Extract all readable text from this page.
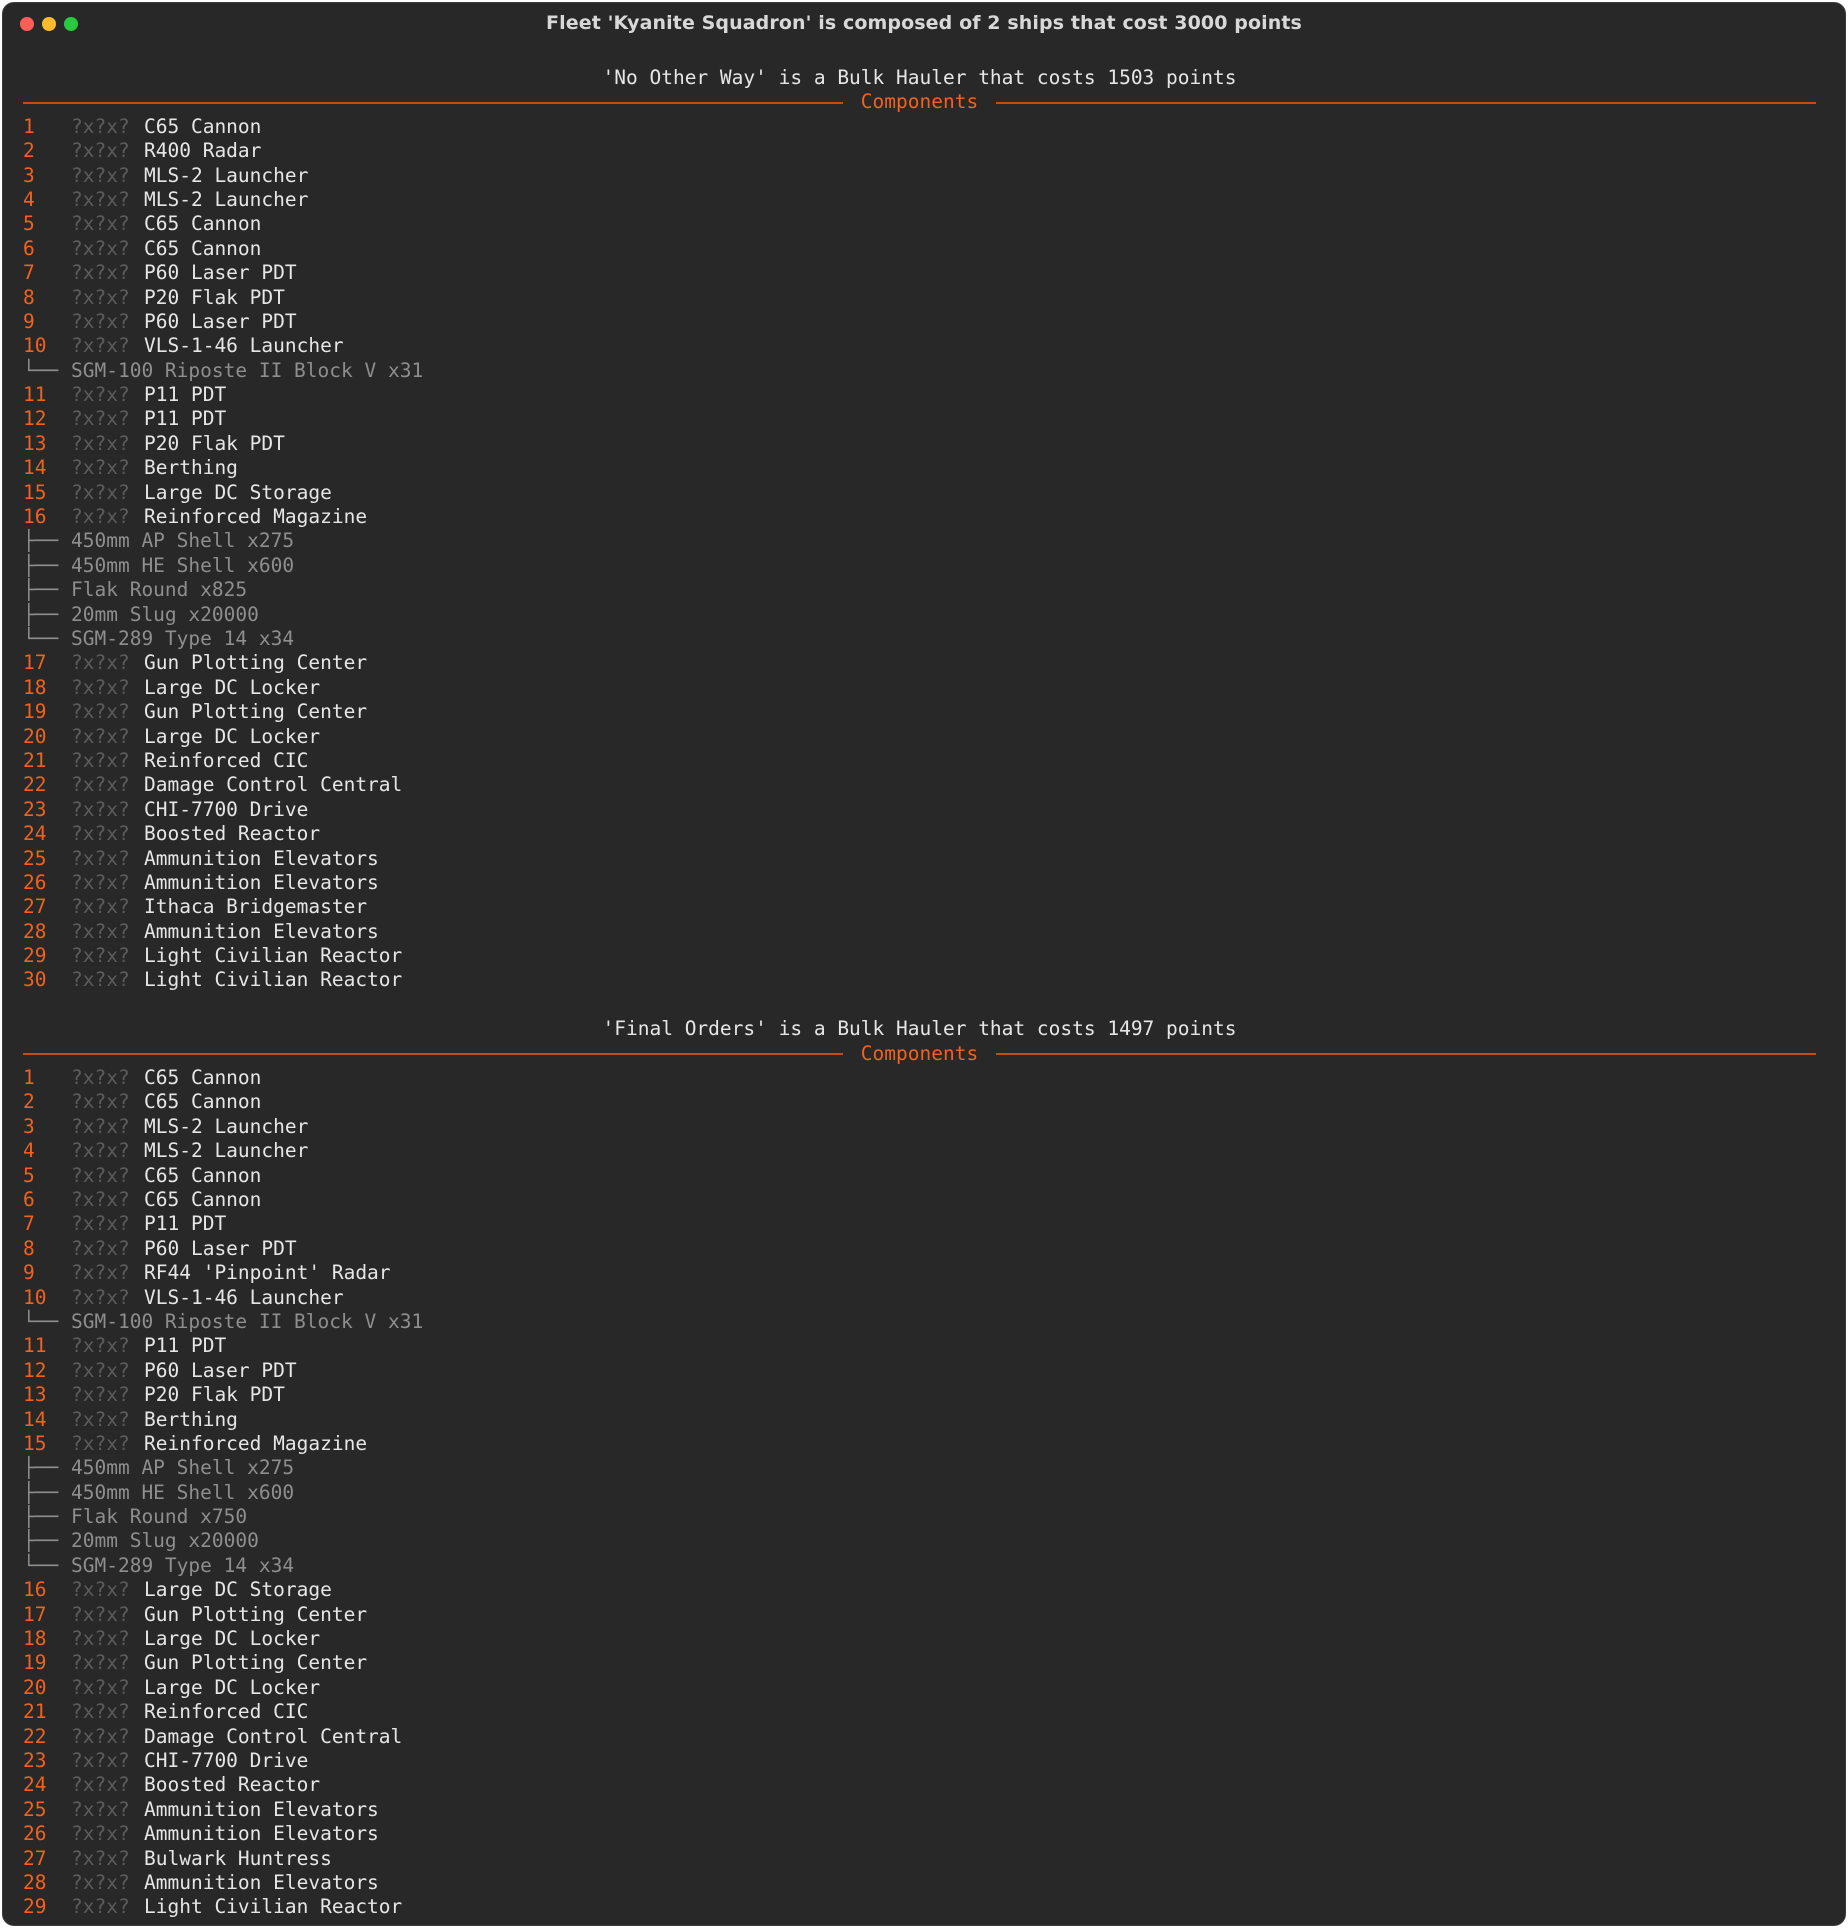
Fleet 'Kyanite Squadron' is composed of 2 ships that cost 3000 points
'No Other Way' is a Bulk Hauler that costs 1503 points
Components
1 ?x?x? C65 Cannon
2 ?x?x? R400 Radar
3 ?x?x? MLS-2 Launcher
4 ?x?x? MLS-2 Launcher
5 ?x?x? C65 Cannon
6 ?x?x? C65 Cannon
7 ?x?x? P60 Laser PDT
8 ?x?x? P20 Flak PDT
9 ?x?x? P60 Laser PDT
10 ?x?x? VLS-1-46 Launcher
└── SGM-100 Riposte II Block V x31
11 ?x?x? P11 PDT
12 ?x?x? P11 PDT
13 ?x?x? P20 Flak PDT
14 ?x?x? Berthing
15 ?x?x? Large DC Storage
16 ?x?x? Reinforced Magazine
├── 450mm AP Shell x275
├── 450mm HE Shell x600
├── Flak Round x825
├── 20mm Slug x20000
└── SGM-289 Type 14 x34
17 ?x?x? Gun Plotting Center
18 ?x?x? Large DC Locker
19 ?x?x? Gun Plotting Center
20 ?x?x? Large DC Locker
21 ?x?x? Reinforced CIC
22 ?x?x? Damage Control Central
23 ?x?x? CHI-7700 Drive
24 ?x?x? Boosted Reactor
25 ?x?x? Ammunition Elevators
26 ?x?x? Ammunition Elevators
27 ?x?x? Ithaca Bridgemaster
28 ?x?x? Ammunition Elevators
29 ?x?x? Light Civilian Reactor
30 ?x?x? Light Civilian Reactor
'Final Orders' is a Bulk Hauler that costs 1497 points
Components
1 ?x?x? C65 Cannon
2 ?x?x? C65 Cannon
3 ?x?x? MLS-2 Launcher
4 ?x?x? MLS-2 Launcher
5 ?x?x? C65 Cannon
6 ?x?x? C65 Cannon
7 ?x?x? P11 PDT
8 ?x?x? P60 Laser PDT
9 ?x?x? RF44 'Pinpoint' Radar
10 ?x?x? VLS-1-46 Launcher
└── SGM-100 Riposte II Block V x31
11 ?x?x? P11 PDT
12 ?x?x? P60 Laser PDT
13 ?x?x? P20 Flak PDT
14 ?x?x? Berthing
15 ?x?x? Reinforced Magazine
├── 450mm AP Shell x275
├── 450mm HE Shell x600
├── Flak Round x750
├── 20mm Slug x20000
└── SGM-289 Type 14 x34
16 ?x?x? Large DC Storage
17 ?x?x? Gun Plotting Center
18 ?x?x? Large DC Locker
19 ?x?x? Gun Plotting Center
20 ?x?x? Large DC Locker
21 ?x?x? Reinforced CIC
22 ?x?x? Damage Control Central
23 ?x?x? CHI-7700 Drive
24 ?x?x? Boosted Reactor
25 ?x?x? Ammunition Elevators
26 ?x?x? Ammunition Elevators
27 ?x?x? Bulwark Huntress
28 ?x?x? Ammunition Elevators
29 ?x?x? Light Civilian Reactor
